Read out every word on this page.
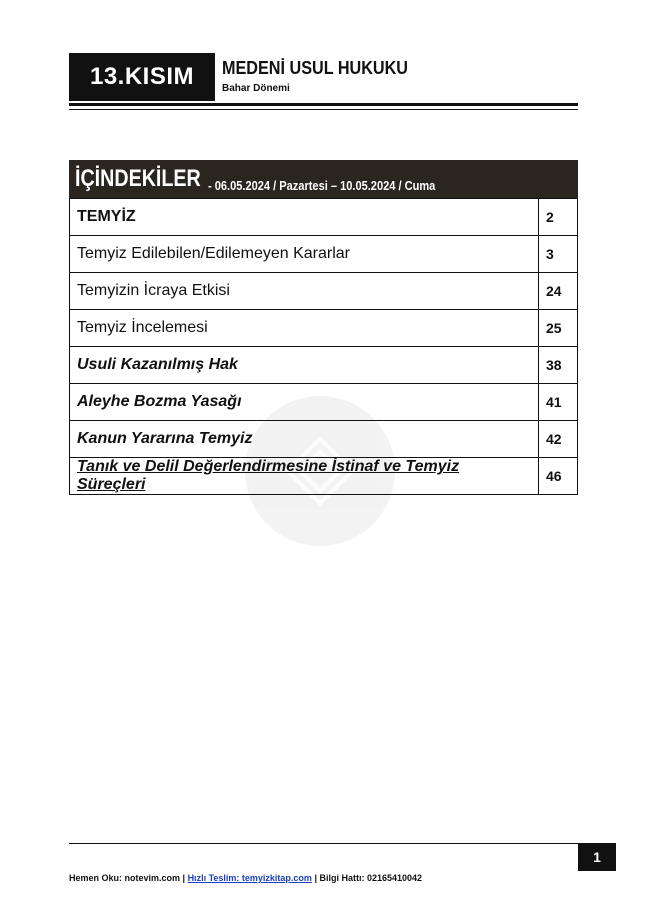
13.KISIM	MEDENİ USUL HUKUKU
Bahar Dönemi
İÇİNDEKİLER - 06.05.2024 / Pazartesi – 10.05.2024 / Cuma
TEMYİZ	2
Temyiz Edilebilen/Edilemeyen Kararlar	3
Temyizin İcraya Etkisi	24
Temyiz İncelemesi	25
Usuli Kazanılmış Hak	38
Aleyhe Bozma Yasağı	41
Kanun Yararına Temyiz	42
Tanık ve Delil Değerlendirmesine İstinaf ve Temyiz Süreçleri	46
1
Hemen Oku: notevim.com | Hızlı Teslim: temyizkitap.com | Bilgi Hattı: 02165410042
